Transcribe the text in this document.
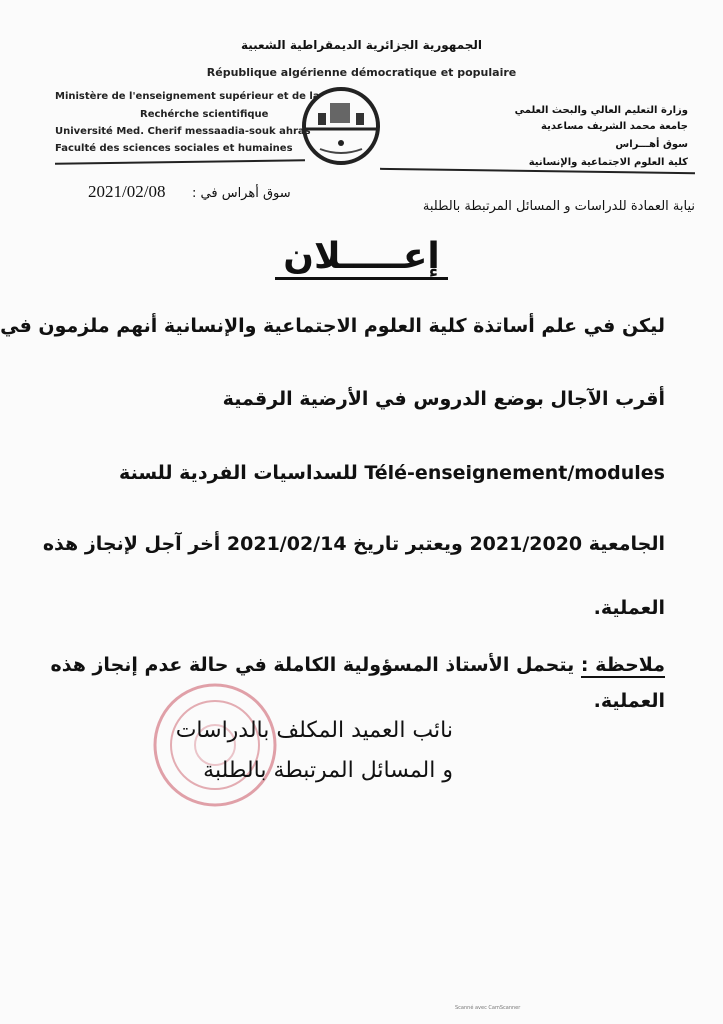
الجمهورية الجزائرية الديمقراطية الشعبية
République algérienne démocratique et populaire
Ministère de l'enseignement supérieur et de la
Rechérche scientifique
Université Med. Cherif messaadia-souk ahras
Faculté des sciences sociales et humaines
وزارة التعليم العالي والبحث العلمي
جامعة محمد الشريف مساعدية
سوق أهـــراس
كلية العلوم الاجتماعية والإنسانية
2021/02/08 سوق أهراس في :
نيابة العمادة للدراسات و المسائل المرتبطة بالطلبة
إعـــــلان
ليكن في علم أساتذة كلية العلوم الاجتماعية والإنسانية أنهم ملزمون في
أقرب الآجال بوضع الدروس في الأرضية الرقمية
Télé-enseignement/modules للسداسيات الفردية للسنة
الجامعية 2021/2020 ويعتبر تاريخ 2021/02/14 أخر آجل لإنجاز هذه
العملية.
ملاحظة : يتحمل الأستاذ المسؤولية الكاملة في حالة عدم إنجاز هذه
العملية.
نائب العميد المكلف بالدراسات
و المسائل المرتبطة بالطلبة
Scanné avec CamScanner
